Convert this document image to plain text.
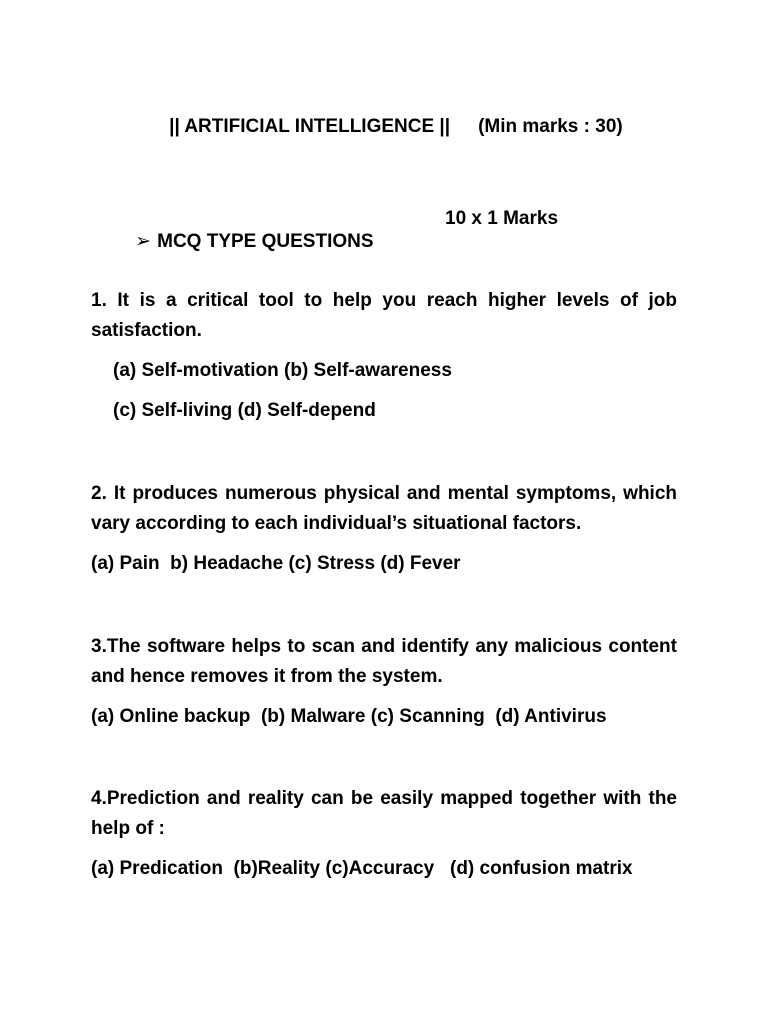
|| ARTIFICIAL INTELLIGENCE || (Min marks : 30)

➢ MCQ TYPE QUESTIONS

10 x 1 Marks

1. It is a critical tool to help you reach higher levels of job satisfaction.
(a) Self-motivation (b) Self-awareness
(c) Self-living (d) Self-depend
2. It produces numerous physical and mental symptoms, which     vary according to each individual’s situational factors.
(a) Pain  b) Headache (c) Stress (d) Fever
3.The software helps to scan and identify any malicious content and hence removes it from the system.
(a) Online backup  (b) Malware (c) Scanning  (d) Antivirus
4.Prediction and reality can be easily mapped together with the help of :
(a) Predication  (b)Reality (c)Accuracy   (d) confusion matrix
